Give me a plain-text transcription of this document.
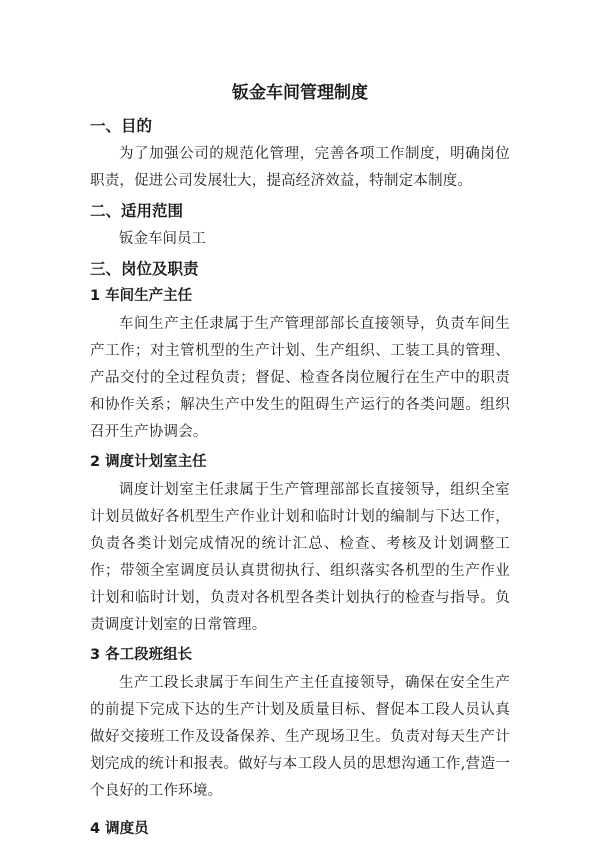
钣金车间管理制度
一、目的

为了加强公司的规范化管理，完善各项工作制度，明确岗位职责，促进公司发展壮大，提高经济效益，特制定本制度。

二、适用范围

钣金车间员工

三、岗位及职责
1 车间生产主任

车间生产主任隶属于生产管理部部长直接领导，负责车间生产工作；对主管机型的生产计划、生产组织、工装工具的管理、产品交付的全过程负责；督促、检查各岗位履行在生产中的职责和协作关系；解决生产中发生的阻碍生产运行的各类问题。组织召开生产协调会。

2 调度计划室主任

调度计划室主任隶属于生产管理部部长直接领导，组织全室计划员做好各机型生产作业计划和临时计划的编制与下达工作，负责各类计划完成情况的统计汇总、检查、考核及计划调整工作；带领全室调度员认真贯彻执行、组织落实各机型的生产作业计划和临时计划，负责对各机型各类计划执行的检查与指导。负责调度计划室的日常管理。

3 各工段班组长

生产工段长隶属于车间生产主任直接领导，确保在安全生产的前提下完成下达的生产计划及质量目标、督促本工段人员认真做好交接班工作及设备保养、生产现场卫生。负责对每天生产计划完成的统计和报表。做好与本工段人员的思想沟通工作,营造一个良好的工作环境。

4 调度员
